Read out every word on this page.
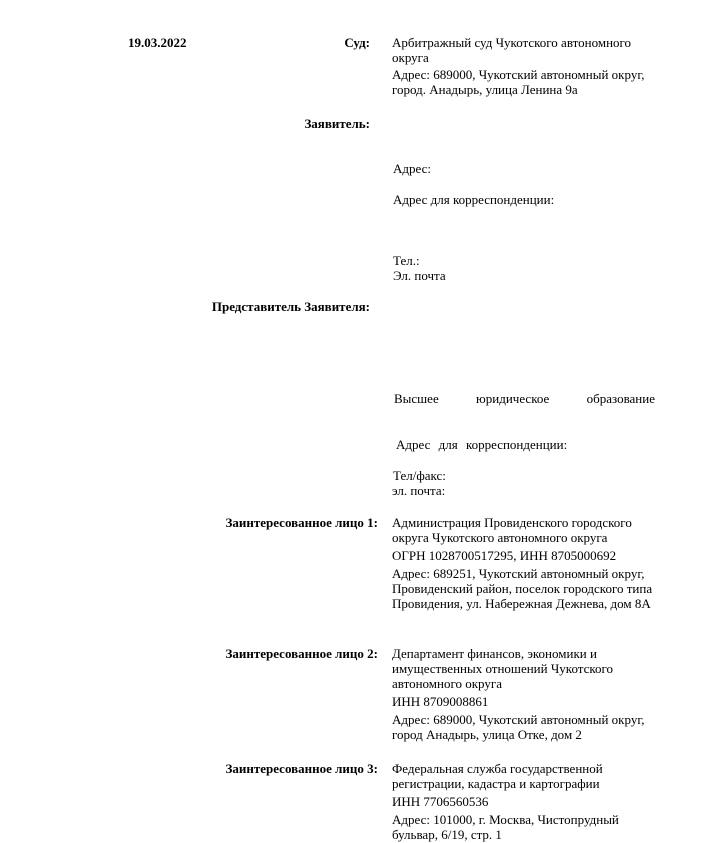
19.03.2022	Суд: Арбитражный суд Чукотского автономного округа
Адрес: 689000, Чукотский автономный округ, город. Анадырь, улица Ленина 9а
Заявитель:
Адрес:
Адрес для корреспонденции:
Тел.:
Эл. почта
Представитель Заявителя:
Высшее юридическое образование
Адрес для корреспонденции:
Тел/факс:
эл. почта:
Заинтересованное лицо 1: Администрация Провиденского городского округа Чукотского автономного округа
ОГРН 1028700517295, ИНН 8705000692
Адрес: 689251, Чукотский автономный округ, Провиденский район, поселок городского типа Провидения, ул. Набережная Дежнева, дом 8А
Заинтересованное лицо 2: Департамент финансов, экономики и имущественных отношений Чукотского автономного округа
ИНН 8709008861
Адрес: 689000, Чукотский автономный округ, город Анадырь, улица Отке, дом 2
Заинтересованное лицо 3: Федеральная служба государственной регистрации, кадастра и картографии
ИНН 7706560536
Адрес: 101000, г. Москва, Чистопрудный бульвар, 6/19, стр. 1
